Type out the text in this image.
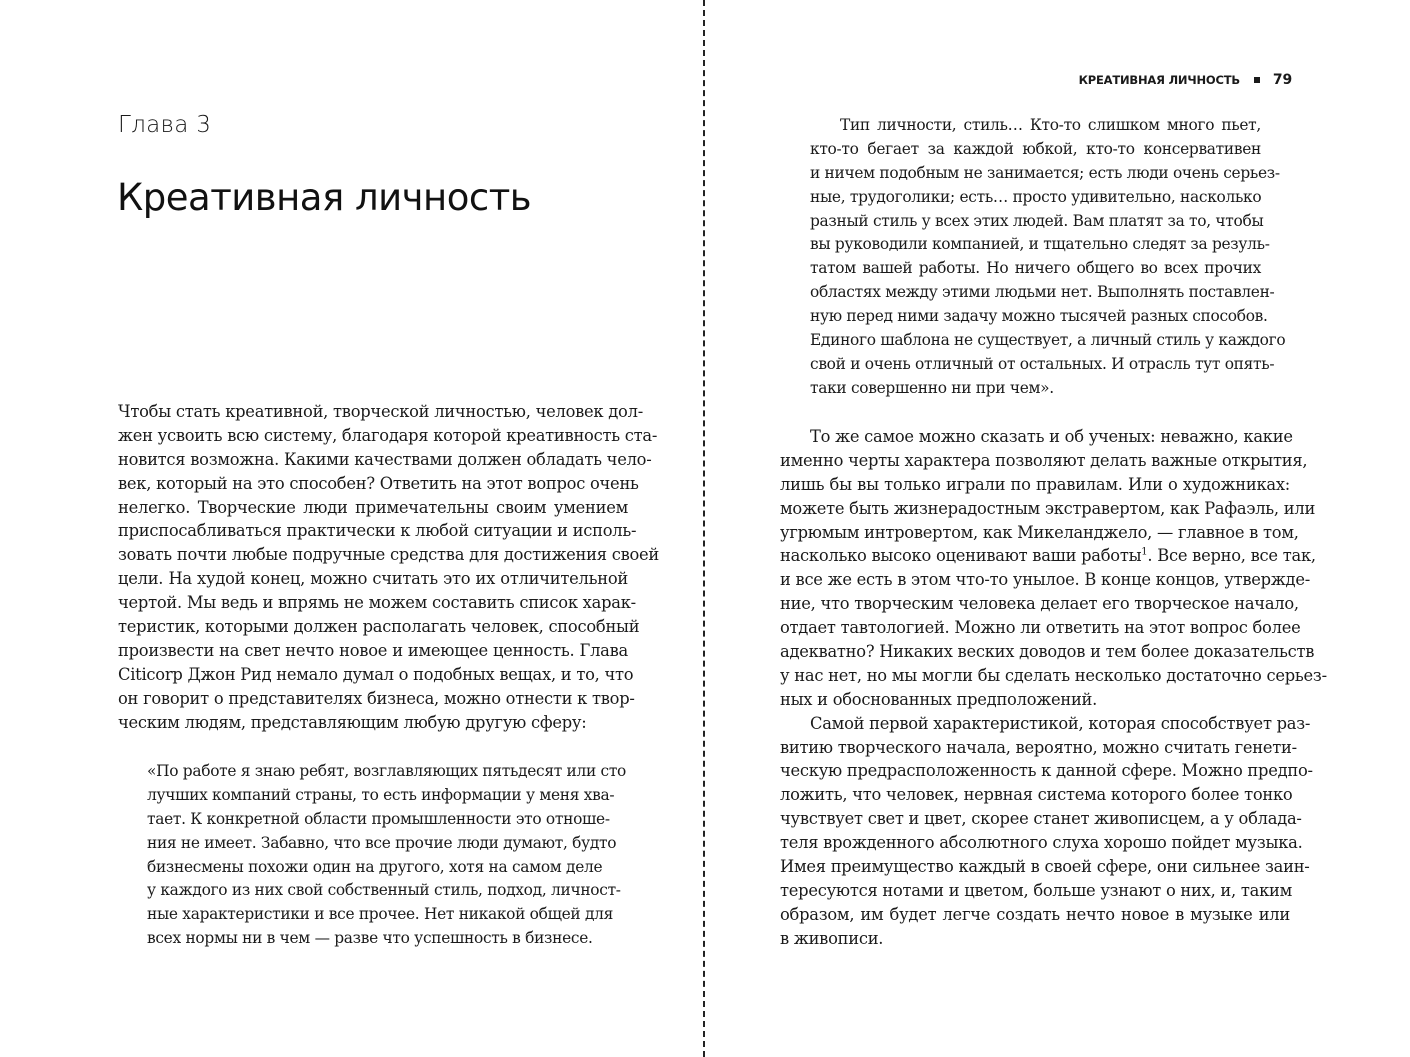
Глава 3
Креативная личность
Чтобы стать креативной, творческой личностью, человек дол-
жен усвоить всю систему, благодаря которой креативность ста-
новится возможна. Какими качествами должен обладать чело-
век, который на это способен? Ответить на этот вопрос очень
нелегко. Творческие люди примечательны своим умением
приспосабливаться практически к любой ситуации и исполь-
зовать почти любые подручные средства для достижения своей
цели. На худой конец, можно считать это их отличительной
чертой. Мы ведь и впрямь не можем составить список харак-
теристик, которыми должен располагать человек, способный
произвести на свет нечто новое и имеющее ценность. Глава
Citicorp Джон Рид немало думал о подобных вещах, и то, что
он говорит о представителях бизнеса, можно отнести к твор-
ческим людям, представляющим любую другую сферу:
«По работе я знаю ребят, возглавляющих пятьдесят или сто
лучших компаний страны, то есть информации у меня хва-
тает. К конкретной области промышленности это отноше-
ния не имеет. Забавно, что все прочие люди думают, будто
бизнесмены похожи один на другого, хотя на самом деле
у каждого из них свой собственный стиль, подход, личност-
ные характеристики и все прочее. Нет никакой общей для
всех нормы ни в чем — разве что успешность в бизнесе.
КРЕАТИВНАЯ ЛИЧНОСТЬ 79
Тип личности, стиль… Кто-то слишком много пьет,
кто-то бегает за каждой юбкой, кто-то консервативен
и ничем подобным не занимается; есть люди очень серьез-
ные, трудоголики; есть… просто удивительно, насколько
разный стиль у всех этих людей. Вам платят за то, чтобы
вы руководили компанией, и тщательно следят за резуль-
татом вашей работы. Но ничего общего во всех прочих
областях между этими людьми нет. Выполнять поставлен-
ную перед ними задачу можно тысячей разных способов.
Единого шаблона не существует, а личный стиль у каждого
свой и очень отличный от остальных. И отрасль тут опять-
таки совершенно ни при чем».
То же самое можно сказать и об ученых: неважно, какие
именно черты характера позволяют делать важные открытия,
лишь бы вы только играли по правилам. Или о художниках:
можете быть жизнерадостным экстравертом, как Рафаэль, или
угрюмым интровертом, как Микеланджело, — главное в том,
насколько высоко оценивают ваши работы$^1$. Все верно, все так,
и все же есть в этом что-то унылое. В конце концов, утвержде-
ние, что творческим человека делает его творческое начало,
отдает тавтологией. Можно ли ответить на этот вопрос более
адекватно? Никаких веских доводов и тем более доказательств
у нас нет, но мы могли бы сделать несколько достаточно серьез-
ных и обоснованных предположений.
Самой первой характеристикой, которая способствует раз-
витию творческого начала, вероятно, можно считать генети-
ческую предрасположенность к данной сфере. Можно предпо-
ложить, что человек, нервная система которого более тонко
чувствует свет и цвет, скорее станет живописцем, а у облада-
теля врожденного абсолютного слуха хорошо пойдет музыка.
Имея преимущество каждый в своей сфере, они сильнее заин-
тересуются нотами и цветом, больше узнают о них, и, таким
образом, им будет легче создать нечто новое в музыке или
в живописи.
